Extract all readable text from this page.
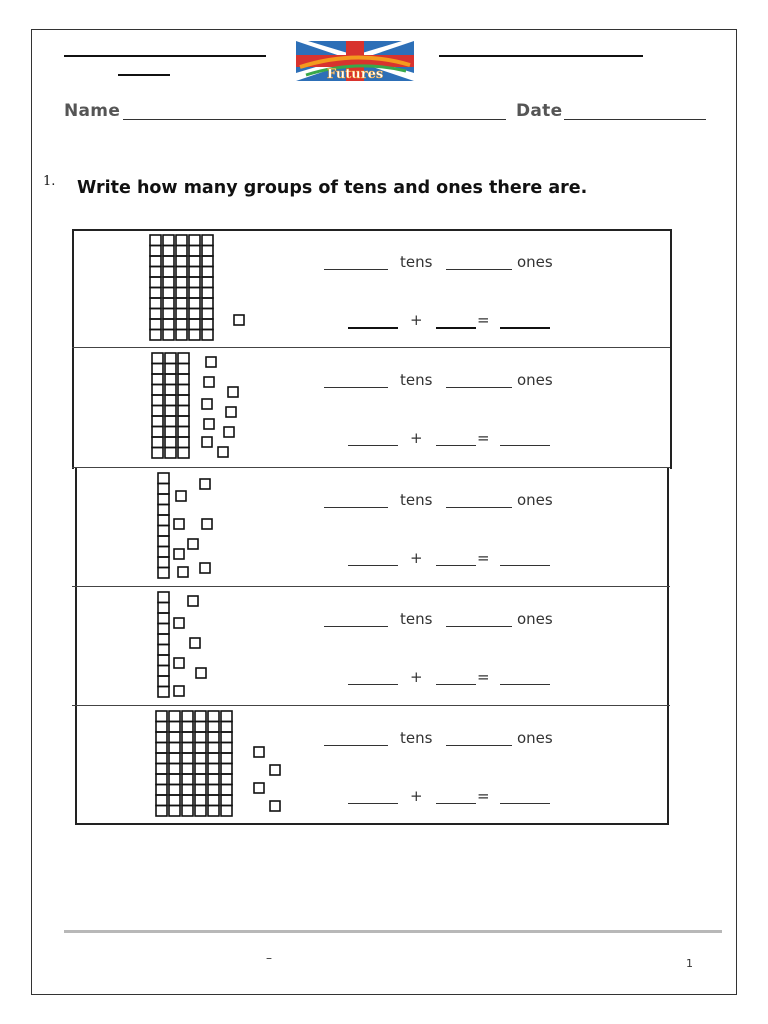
Futures
British School
Name	Date
1. Write how many groups of tens and ones there are.
tens	ones
+	=
tens	ones
+	=
tens	ones
+	=
tens	ones
+	=
tens	ones
+	=
–	1
